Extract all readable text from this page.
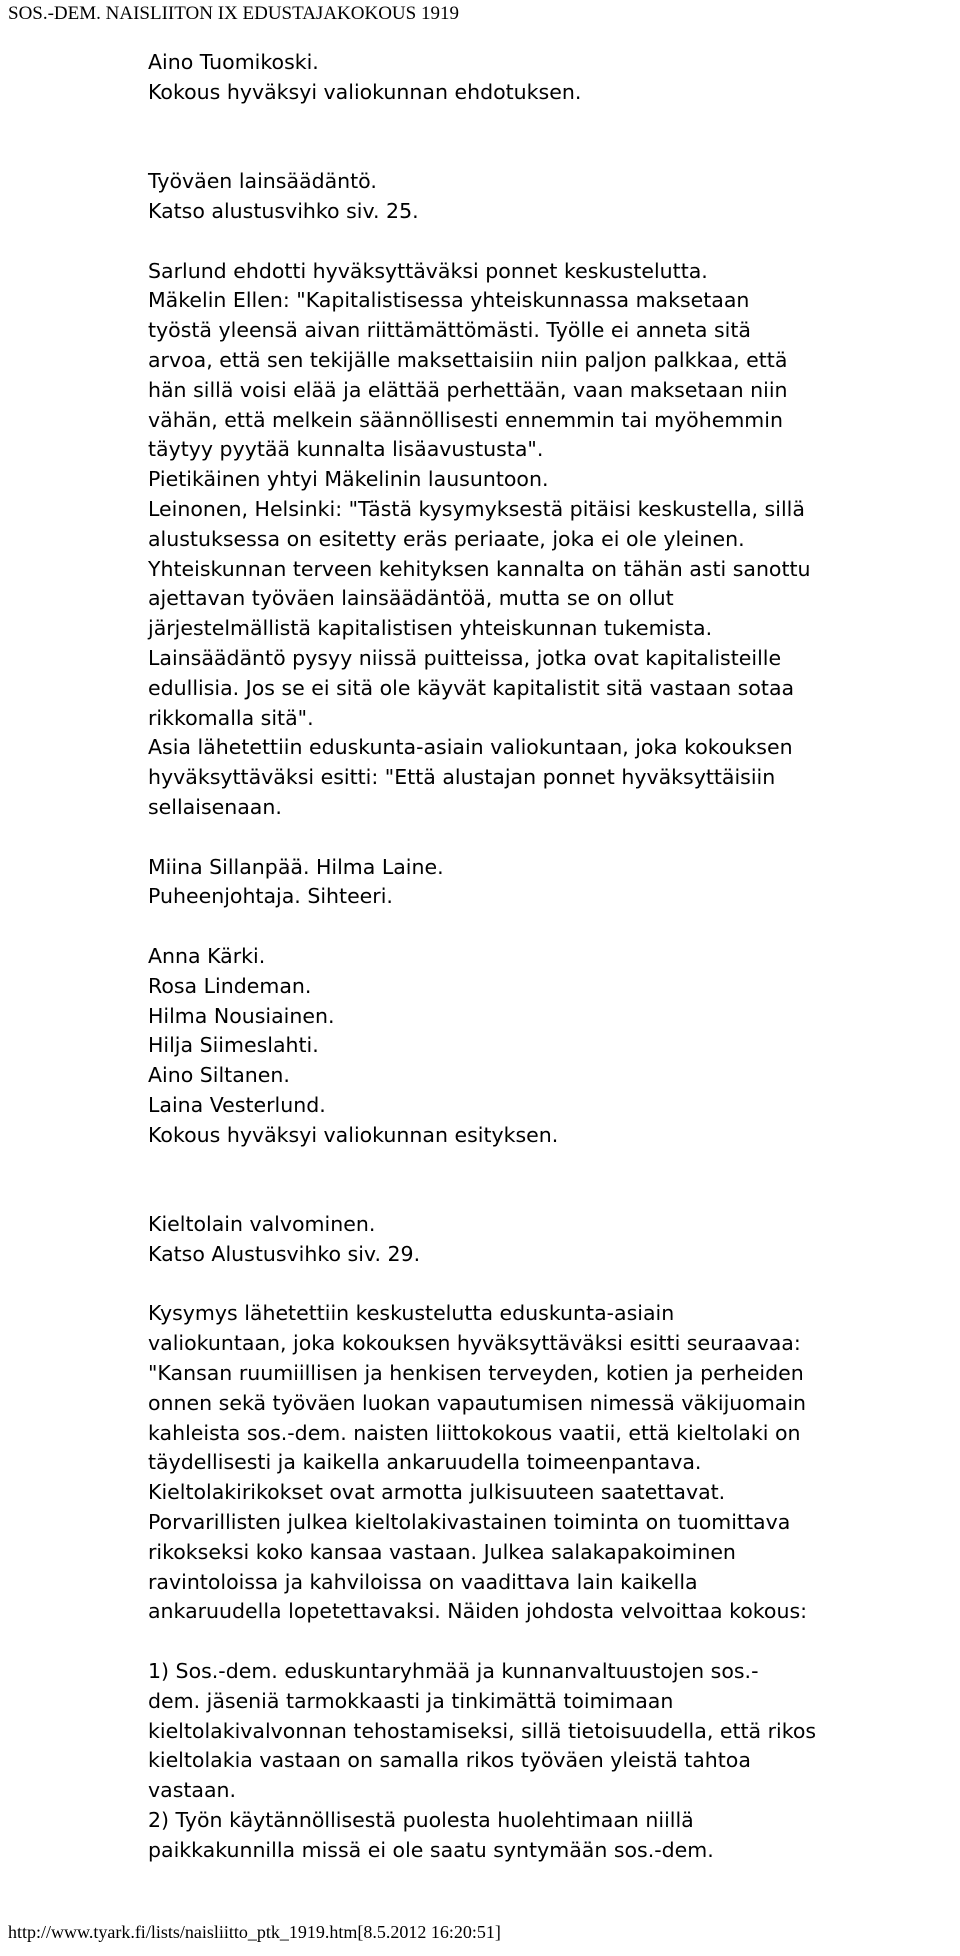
SOS.-DEM. NAISLIITON IX EDUSTAJAKOKOUS 1919
Aino Tuomikoski.
Kokous hyväksyi valiokunnan ehdotuksen.
Työväen lainsäädäntö.
Katso alustusvihko siv. 25.
Sarlund ehdotti hyväksyttäväksi ponnet keskustelutta.
Mäkelin Ellen: "Kapitalistisessa yhteiskunnassa maksetaan
työstä yleensä aivan riittämättömästi. Työlle ei anneta sitä
arvoa, että sen tekijälle maksettaisiin niin paljon palkkaa, että
hän sillä voisi elää ja elättää perhettään, vaan maksetaan niin
vähän, että melkein säännöllisesti ennemmin tai myöhemmin
täytyy pyytää kunnalta lisäavustusta".
Pietikäinen yhtyi Mäkelinin lausuntoon.
Leinonen, Helsinki: "Tästä kysymyksestä pitäisi keskustella, sillä
alustuksessa on esitetty eräs periaate, joka ei ole yleinen.
Yhteiskunnan terveen kehityksen kannalta on tähän asti sanottu
ajettavan työväen lainsäädäntöä, mutta se on ollut
järjestelmällistä kapitalistisen yhteiskunnan tukemista.
Lainsäädäntö pysyy niissä puitteissa, jotka ovat kapitalisteille
edullisia. Jos se ei sitä ole käyvät kapitalistit sitä vastaan sotaa
rikkomalla sitä".
Asia lähetettiin eduskunta-asiain valiokuntaan, joka kokouksen
hyväksyttäväksi esitti: "Että alustajan ponnet hyväksyttäisiin
sellaisenaan.
Miina Sillanpää. Hilma Laine.
Puheenjohtaja. Sihteeri.
Anna Kärki.
Rosa Lindeman.
Hilma Nousiainen.
Hilja Siimeslahti.
Aino Siltanen.
Laina Vesterlund.
Kokous hyväksyi valiokunnan esityksen.
Kieltolain valvominen.
Katso Alustusvihko siv. 29.
Kysymys lähetettiin keskustelutta eduskunta-asiain
valiokuntaan, joka kokouksen hyväksyttäväksi esitti seuraavaa:
"Kansan ruumiillisen ja henkisen terveyden, kotien ja perheiden
onnen sekä työväen luokan vapautumisen nimessä väkijuomain
kahleista sos.-dem. naisten liittokokous vaatii, että kieltolaki on
täydellisesti ja kaikella ankaruudella toimeenpantava.
Kieltolakirikokset ovat armotta julkisuuteen saatettavat.
Porvarillisten julkea kieltolakivastainen toiminta on tuomittava
rikokseksi koko kansaa vastaan. Julkea salakapakoiminen
ravintoloissa ja kahviloissa on vaadittava lain kaikella
ankaruudella lopetettavaksi. Näiden johdosta velvoittaa kokous:
1) Sos.-dem. eduskuntaryhmää ja kunnanvaltuustojen sos.-
dem. jäseniä tarmokkaasti ja tinkimättä toimimaan
kieltolakivalvonnan tehostamiseksi, sillä tietoisuudella, että rikos
kieltolakia vastaan on samalla rikos työväen yleistä tahtoa
vastaan.
2) Työn käytännöllisestä puolesta huolehtimaan niillä
paikkakunnilla missä ei ole saatu syntymään sos.-dem.
http://www.tyark.fi/lists/naisliitto_ptk_1919.htm[8.5.2012 16:20:51]
